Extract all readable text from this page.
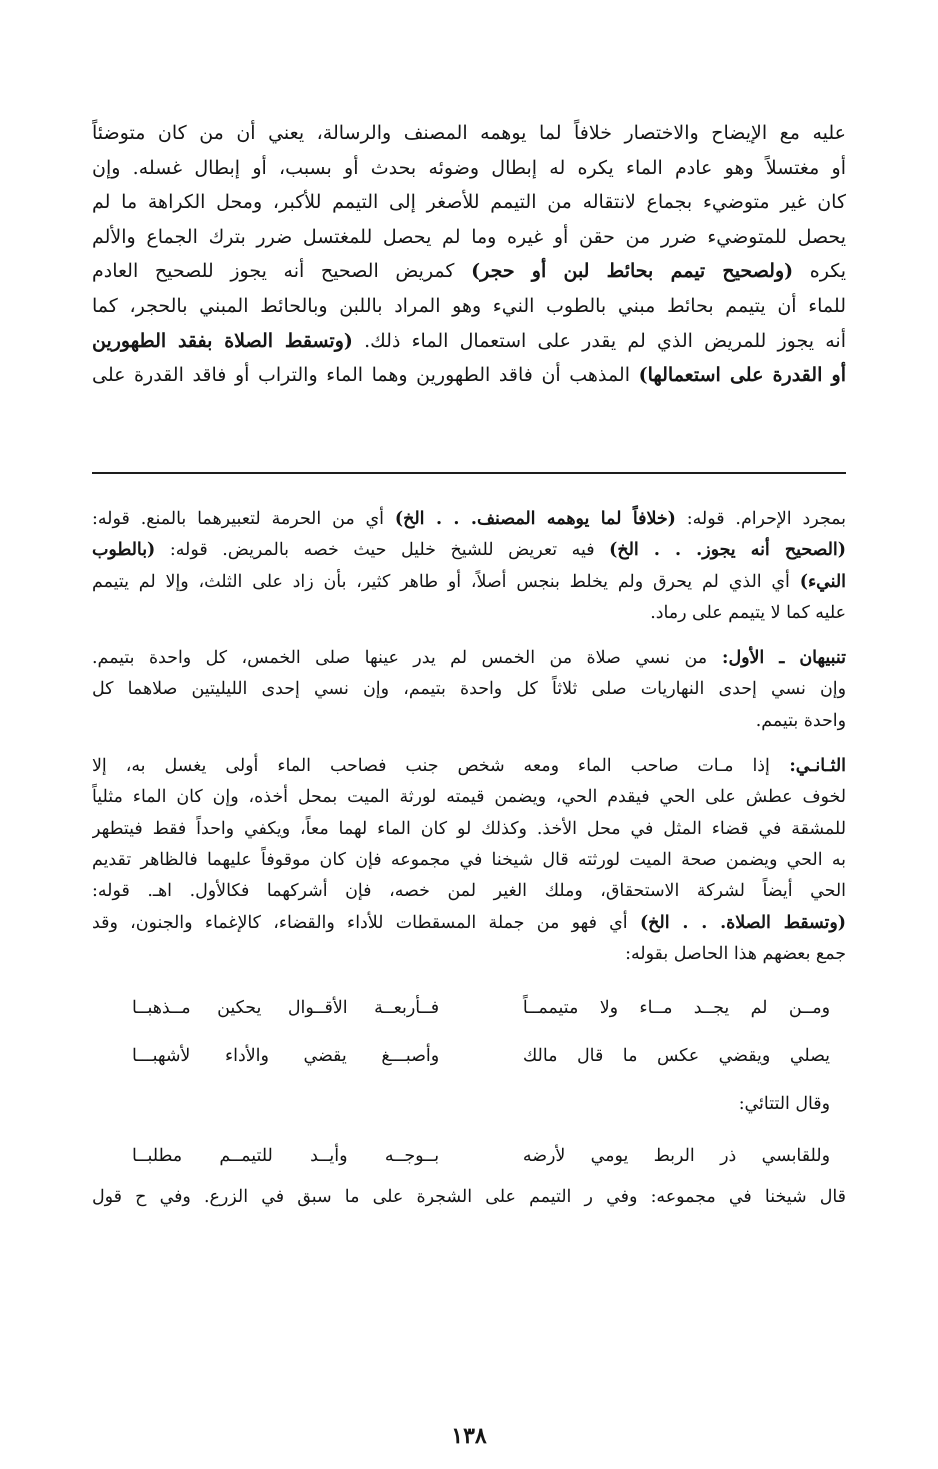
عليه مع الإيضاح والاختصار خلافاً لما يوهمه المصنف والرسالة، يعني أن من كان متوضئاً
أو مغتسلاً وهو عادم الماء يكره له إبطال وضوئه بحدث أو بسبب، أو إبطال غسله. وإن
كان غير متوضيء بجماع لانتقاله من التيمم للأصغر إلى التيمم للأكبر، ومحل الكراهة ما لم
يحصل للمتوضيء ضرر من حقن أو غيره وما لم يحصل للمغتسل ضرر بترك الجماع والألم
يكره (ولصحيح تيمم بحائط لبن أو حجر) كمريض الصحيح أنه يجوز للصحيح العادم
للماء أن يتيمم بحائط مبني بالطوب النيء وهو المراد باللبن وبالحائط المبني بالحجر، كما
أنه يجوز للمريض الذي لم يقدر على استعمال الماء ذلك. (وتسقط الصلاة بفقد الطهورين
أو القدرة على استعمالها) المذهب أن فاقد الطهورين وهما الماء والتراب أو فاقد القدرة على

بمجرد الإحرام. قوله: (خلافاً لما يوهمه المصنف. . . الخ) أي من الحرمة لتعبيرهما بالمنع. قوله:
(الصحيح أنه يجوز. . . الخ) فيه تعريض للشيخ خليل حيث خصه بالمريض. قوله: (بالطوب
النيء) أي الذي لم يحرق ولم يخلط بنجس أصلاً، أو طاهر كثير، بأن زاد على الثلث، وإلا لم يتيمم
عليه كما لا يتيمم على رماد.

تنبيهان ـ الأول: من نسي صلاة من الخمس لم يدر عينها صلى الخمس، كل واحدة بتيمم.
وإن نسي إحدى النهاريات صلى ثلاثاً كل واحدة بتيمم، وإن نسي إحدى الليليتين صلاهما كل
واحدة بتيمم.

الثـانـي: إذا مـات صاحب الماء ومعه شخص جنب فصاحب الماء أولى يغسل به، إلا
لخوف عطش على الحي فيقدم الحي، ويضمن قيمته لورثة الميت بمحل أخذه، وإن كان الماء مثلياً
للمشقة في قضاء المثل في محل الأخذ. وكذلك لو كان الماء لهما معاً، ويكفي واحداً فقط فيتطهر
به الحي ويضمن صحة الميت لورثته قال شيخنا في مجموعه فإن كان موقوفاً عليهما فالظاهر تقديم
الحي أيضاً لشركة الاستحقاق، وملك الغير لمن خصه، فإن أشركهما فكالأول. اهـ. قوله:
(وتسقط الصلاة. . . الخ) أي فهو من جملة المسقطات للأداء والقضاء، كالإغماء والجنون، وقد
جمع بعضهم هذا الحاصل بقوله:

ومــن لم يجــد مــاء ولا متيممــاً
فــأربعــة الأقــوال يحكين مــذهبــا
يصلي ويقضي عكس ما قال مالك
وأصبـــغ يقضي والأداء لأشهبـــا
وقال التتائي:
وللقابسي ذر الربط يومي لأرضه
بــوجــه وأيــد للتيمــم مطلبــا
قال شيخنا في مجموعه: وفي ر التيمم على الشجرة على ما سبق في الزرع. وفي ح قول
١٣٨
